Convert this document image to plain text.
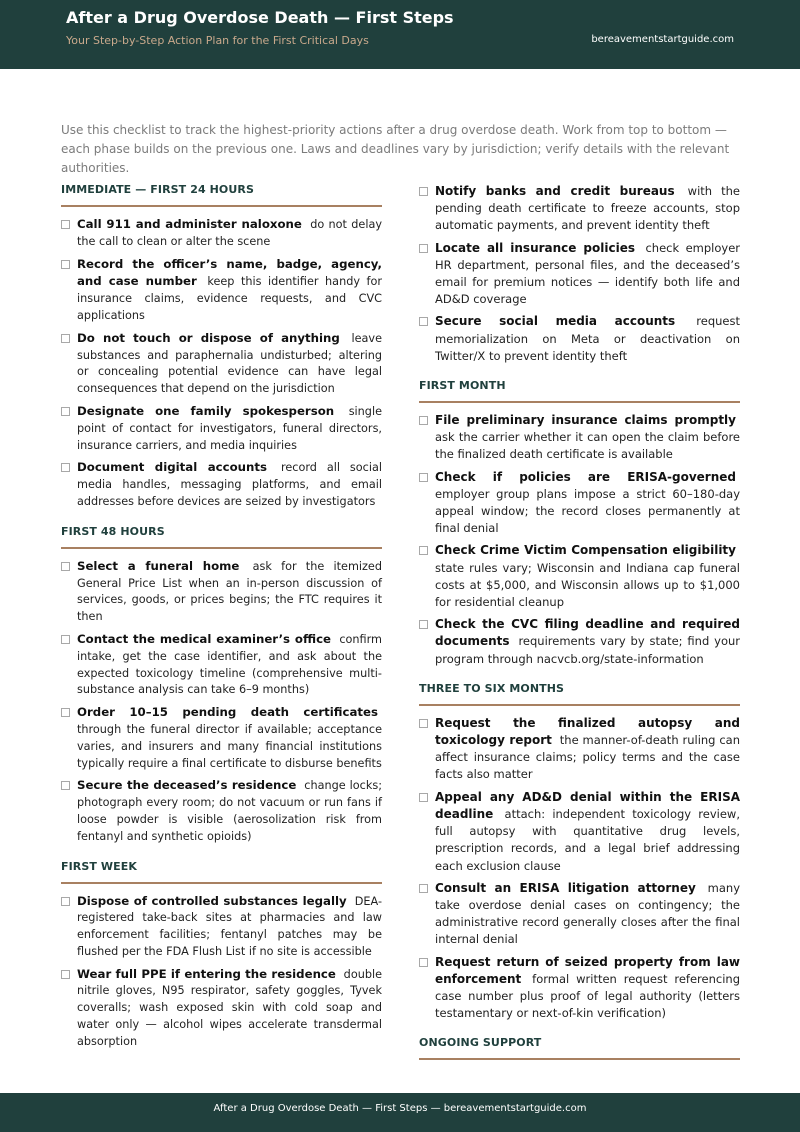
After a Drug Overdose Death — First Steps
Your Step-by-Step Action Plan for the First Critical Days	bereavementstartguide.com

Use this checklist to track the highest-priority actions after a drug overdose death. Work from top to bottom — each phase builds on the previous one. Laws and deadlines vary by jurisdiction; verify details with the relevant authorities.

IMMEDIATE — FIRST 24 HOURS
Call 911 and administer naloxone do not delay the call to clean or alter the scene
Record the officer’s name, badge, agency, and case number keep this identifier handy for insurance claims, evidence requests, and CVC applications
Do not touch or dispose of anything leave substances and paraphernalia undisturbed; altering or concealing potential evidence can have legal consequences that depend on the jurisdiction
Designate one family spokesperson single point of contact for investigators, funeral directors, insurance carriers, and media inquiries
Document digital accounts record all social media handles, messaging platforms, and email addresses before devices are seized by investigators
FIRST 48 HOURS
Select a funeral home ask for the itemized General Price List when an in-person discussion of services, goods, or prices begins; the FTC requires it then
Contact the medical examiner’s office confirm intake, get the case identifier, and ask about the expected toxicology timeline (comprehensive multi-substance analysis can take 6–9 months)
Order 10–15 pending death certificates through the funeral director if available; acceptance varies, and insurers and many financial institutions typically require a final certificate to disburse benefits
Secure the deceased’s residence change locks; photograph every room; do not vacuum or run fans if loose powder is visible (aerosolization risk from fentanyl and synthetic opioids)
FIRST WEEK
Dispose of controlled substances legally DEA-registered take-back sites at pharmacies and law enforcement facilities; fentanyl patches may be flushed per the FDA Flush List if no site is accessible
Wear full PPE if entering the residence double nitrile gloves, N95 respirator, safety goggles, Tyvek coveralls; wash exposed skin with cold soap and water only — alcohol wipes accelerate transdermal absorption
Notify banks and credit bureaus with the pending death certificate to freeze accounts, stop automatic payments, and prevent identity theft
Locate all insurance policies check employer HR department, personal files, and the deceased’s email for premium notices — identify both life and AD&D coverage
Secure social media accounts request memorialization on Meta or deactivation on Twitter/X to prevent identity theft
FIRST MONTH
File preliminary insurance claims promptly ask the carrier whether it can open the claim before the finalized death certificate is available
Check if policies are ERISA-governed employer group plans impose a strict 60–180-day appeal window; the record closes permanently at final denial
Check Crime Victim Compensation eligibility state rules vary; Wisconsin and Indiana cap funeral costs at $5,000, and Wisconsin allows up to $1,000 for residential cleanup
Check the CVC filing deadline and required documents requirements vary by state; find your program through nacvcb.org/state-information
THREE TO SIX MONTHS
Request the finalized autopsy and toxicology report the manner-of-death ruling can affect insurance claims; policy terms and the case facts also matter
Appeal any AD&D denial within the ERISA deadline attach: independent toxicology review, full autopsy with quantitative drug levels, prescription records, and a legal brief addressing each exclusion clause
Consult an ERISA litigation attorney many take overdose denial cases on contingency; the administrative record generally closes after the final internal denial
Request return of seized property from law enforcement formal written request referencing case number plus proof of legal authority (letters testamentary or next-of-kin verification)
ONGOING SUPPORT
After a Drug Overdose Death — First Steps — bereavementstartguide.com
